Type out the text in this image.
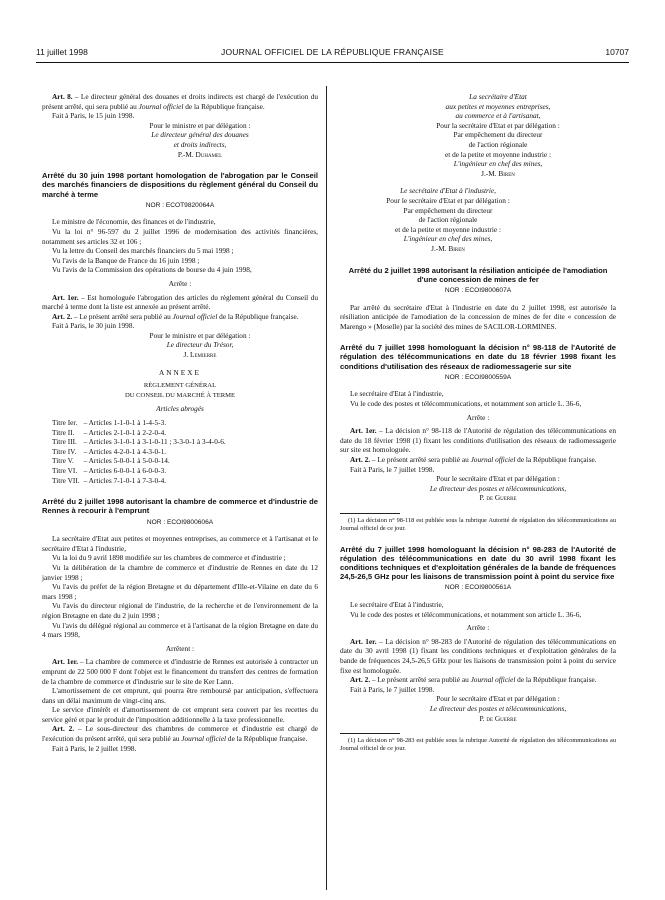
11 juillet 1998	JOURNAL OFFICIEL DE LA RÉPUBLIQUE FRANÇAISE	10707

Art. 8. – Le directeur général des douanes et droits indirects est chargé de l'exécution du présent arrêté, qui sera publié au Journal officiel de la République française.

Fait à Paris, le 15 juin 1998.

Pour le ministre et par délégation :

Le directeur général des douanes

et droits indirects,

P.-M. Duhamel

Arrêté du 30 juin 1998 portant homologation de l'abrogation par le Conseil des marchés financiers de dispositions du règlement général du Conseil du marché à terme

NOR : ECOT9820064A

Le ministre de l'économie, des finances et de l'industrie,

Vu la loi n° 96-597 du 2 juillet 1996 de modernisation des activités financières, notamment ses articles 32 et 106 ;

Vu la lettre du Conseil des marchés financiers du 5 mai 1998 ;

Vu l'avis de la Banque de France du 16 juin 1998 ;

Vu l'avis de la Commission des opérations de bourse du 4 juin 1998,

Arrête :

Art. 1er. – Est homologuée l'abrogation des articles du règlement général du Conseil du marché à terme dont la liste est annexée au présent arrêté.

Art. 2. – Le présent arrêté sera publié au Journal officiel de la République française.

Fait à Paris, le 30 juin 1998.

Pour le ministre et par délégation :

Le directeur du Trésor,

J. Lemierre

ANNEXE

RÈGLEMENT GÉNÉRAL

DU CONSEIL DU MARCHÉ À TERME

Articles abrogés

Titre Ier.	– Articles 1-1-0-1 à 1-4-5-3.
Titre II.	– Articles 2-1-0-1 à 2-2-0-4.
Titre III.	– Articles 3-1-0-1 à 3-1-0-11 ; 3-3-0-1 à 3-4-0-6.
Titre IV.	– Articles 4-2-0-1 à 4-3-0-1.
Titre V.	– Articles 5-0-0-1 à 5-0-0-14.
Titre VI.	– Articles 6-0-0-1 à 6-0-0-3.
Titre VII.	– Articles 7-1-0-1 à 7-3-0-4.

Arrêté du 2 juillet 1998 autorisant la chambre de commerce et d'industrie de Rennes à recourir à l'emprunt

NOR : ECOI9800606A

La secrétaire d'Etat aux petites et moyennes entreprises, au commerce et à l'artisanat et le secrétaire d'Etat à l'industrie,

Vu la loi du 9 avril 1898 modifiée sur les chambres de commerce et d'industrie ;

Vu la délibération de la chambre de commerce et d'industrie de Rennes en date du 12 janvier 1998 ;

Vu l'avis du préfet de la région Bretagne et du département d'Ille-et-Vilaine en date du 6 mars 1998 ;

Vu l'avis du directeur régional de l'industrie, de la recherche et de l'environnement de la région Bretagne en date du 2 juin 1998 ;

Vu l'avis du délégué régional au commerce et à l'artisanat de la région Bretagne en date du 4 mars 1998,

Arrêtent :

Art. 1er. – La chambre de commerce et d'industrie de Rennes est autorisée à contracter un emprunt de 22 500 000 F dont l'objet est le financement du transfert des centres de formation de la chambre de commerce et d'industrie sur le site de Ker Lann.

L'amortissement de cet emprunt, qui pourra être remboursé par anticipation, s'effectuera dans un délai maximum de vingt-cinq ans.

Le service d'intérêt et d'amortissement de cet emprunt sera couvert par les recettes du service géré et par le produit de l'imposition additionnelle à la taxe professionnelle.

Art. 2. – Le sous-directeur des chambres de commerce et d'industrie est chargé de l'exécution du présent arrêté, qui sera publié au Journal officiel de la République française.

Fait à Paris, le 2 juillet 1998.

La secrétaire d'Etat

aux petites et moyennes entreprises,

au commerce et à l'artisanat,

Pour la secrétaire d'Etat et par délégation :

Par empêchement du directeur

de l'action régionale

et de la petite et moyenne industrie :

L'ingénieur en chef des mines,

J.-M. Biren

Le secrétaire d'Etat à l'industrie,

Pour le secrétaire d'Etat et par délégation :

Par empêchement du directeur

de l'action régionale

et de la petite et moyenne industrie :

L'ingénieur en chef des mines,

J.-M. Biren

Arrêté du 2 juillet 1998 autorisant la résiliation anticipée de l'amodiation d'une concession de mines de fer

NOR : ECOI9800607A

Par arrêté du secrétaire d'Etat à l'industrie en date du 2 juillet 1998, est autorisée la résiliation anticipée de l'amodiation de la concession de mines de fer dite « concession de Marengo » (Moselle) par la société des mines de SACILOR-LORMINES.

Arrêté du 7 juillet 1998 homologuant la décision n° 98-118 de l'Autorité de régulation des télécommunications en date du 18 février 1998 fixant les conditions d'utilisation des réseaux de radiomessagerie sur site

NOR : ECOI9800559A

Le secrétaire d'Etat à l'industrie,

Vu le code des postes et télécommunications, et notamment son article L. 36-6,

Arrête :

Art. 1er. – La décision n° 98-118 de l'Autorité de régulation des télécommunications en date du 18 février 1998 (1) fixant les conditions d'utilisation des réseaux de radiomessagerie sur site est homologuée.

Art. 2. – Le présent arrêté sera publié au Journal officiel de la République française.

Fait à Paris, le 7 juillet 1998.

Pour le secrétaire d'Etat et par délégation :

Le directeur des postes et télécommunications,

P. de Guerre

(1) La décision n° 98-118 est publiée sous la rubrique Autorité de régulation des télécommunications au Journal officiel de ce jour.

Arrêté du 7 juillet 1998 homologuant la décision n° 98-283 de l'Autorité de régulation des télécommunications en date du 30 avril 1998 fixant les conditions techniques et d'exploitation générales de la bande de fréquences 24,5-26,5 GHz pour les liaisons de transmission point à point du service fixe

NOR : ECOI9800561A

Le secrétaire d'Etat à l'industrie,

Vu le code des postes et télécommunications, et notamment son article L. 36-6,

Arrête :

Art. 1er. – La décision n° 98-283 de l'Autorité de régulation des télécommunications en date du 30 avril 1998 (1) fixant les conditions techniques et d'exploitation générales de la bande de fréquences 24,5-26,5 GHz pour les liaisons de transmission point à point du service fixe est homologuée.

Art. 2. – Le présent arrêté sera publié au Journal officiel de la République française.

Fait à Paris, le 7 juillet 1998.

Pour le secrétaire d'Etat et par délégation :

Le directeur des postes et télécommunications,

P. de Guerre

(1) La décision n° 98-283 est publiée sous la rubrique Autorité de régulation des télécommunications au Journal officiel de ce jour.
